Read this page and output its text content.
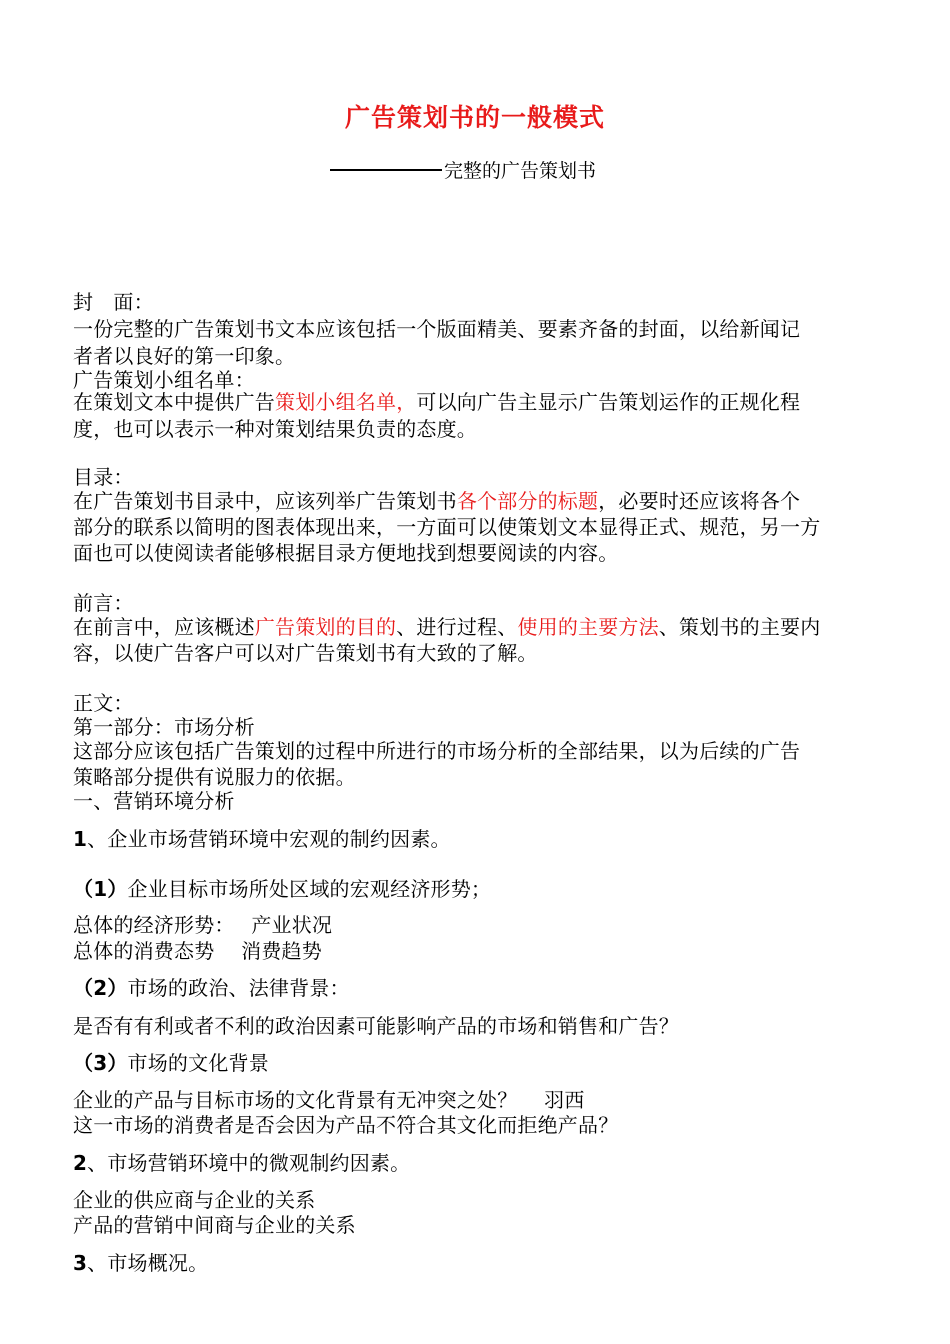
广告策划书的一般模式
完整的广告策划书
封　面：
一份完整的广告策划书文本应该包括一个版面精美、要素齐备的封面，以给新闻记
者者以良好的第一印象。
广告策划小组名单：
在策划文本中提供广告策划小组名单，可以向广告主显示广告策划运作的正规化程
度，也可以表示一种对策划结果负责的态度。
目录：
在广告策划书目录中，应该列举广告策划书各个部分的标题，必要时还应该将各个
部分的联系以简明的图表体现出来，一方面可以使策划文本显得正式、规范，另一方
面也可以使阅读者能够根据目录方便地找到想要阅读的内容。
前言：
在前言中，应该概述广告策划的目的、进行过程、使用的主要方法、策划书的主要内
容，以使广告客户可以对广告策划书有大致的了解。
正文：
第一部分：市场分析
这部分应该包括广告策划的过程中所进行的市场分析的全部结果，以为后续的广告
策略部分提供有说服力的依据。
一、营销环境分析
1、企业市场营销环境中宏观的制约因素。
（1）企业目标市场所处区域的宏观经济形势；
总体的经济形势：　 产业状况
总体的消费态势　 消费趋势
（2）市场的政治、法律背景：
是否有有利或者不利的政治因素可能影响产品的市场和销售和广告？
（3）市场的文化背景
企业的产品与目标市场的文化背景有无冲突之处？　 羽西
这一市场的消费者是否会因为产品不符合其文化而拒绝产品？
2、市场营销环境中的微观制约因素。
企业的供应商与企业的关系
产品的营销中间商与企业的关系
3、市场概况。
